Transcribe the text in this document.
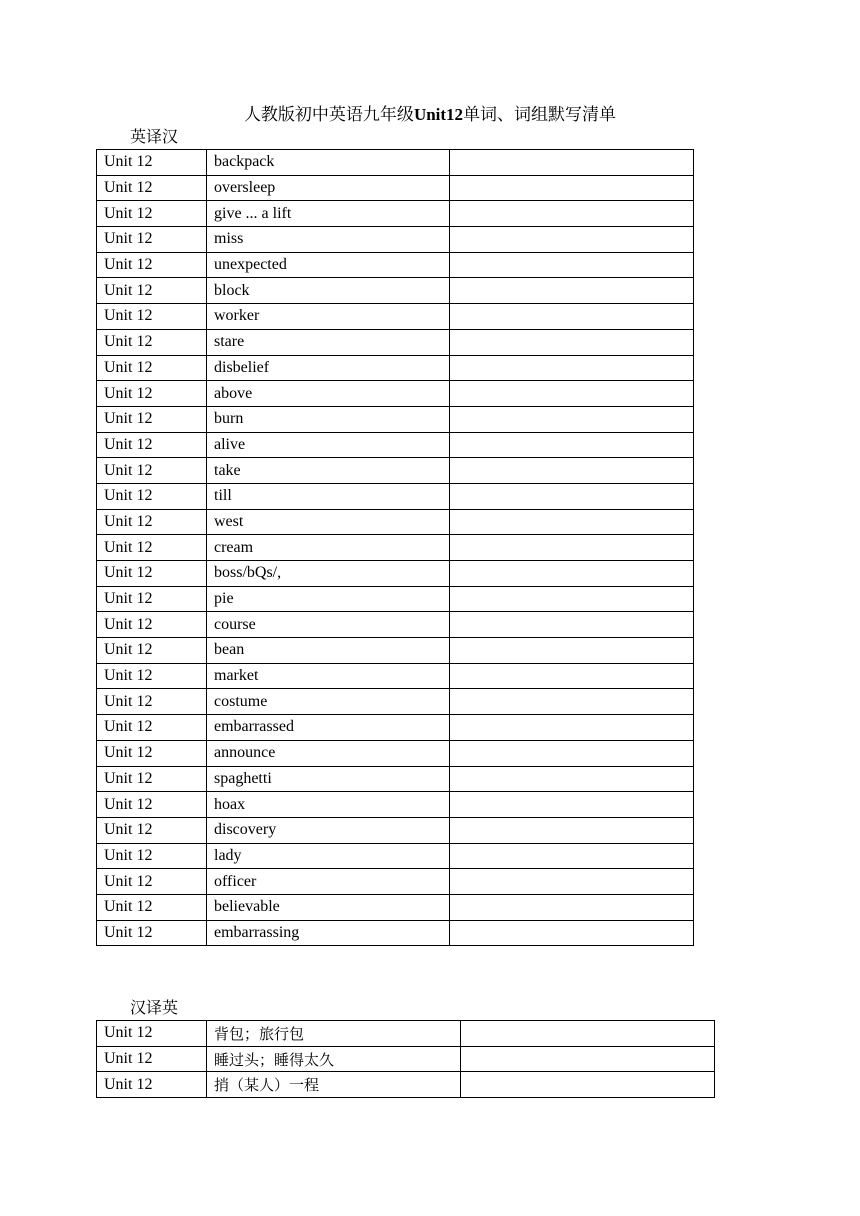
人教版初中英语九年级Unit12单词、词组默写清单
英译汉
Unit 12	backpack	
Unit 12	oversleep	
Unit 12	give ... a lift	
Unit 12	miss	
Unit 12	unexpected	
Unit 12	block	
Unit 12	worker	
Unit 12	stare	
Unit 12	disbelief	
Unit 12	above	
Unit 12	burn	
Unit 12	alive	
Unit 12	take	
Unit 12	till	
Unit 12	west	
Unit 12	cream	
Unit 12	boss/bQs/,	
Unit 12	pie	
Unit 12	course	
Unit 12	bean	
Unit 12	market	
Unit 12	costume	
Unit 12	embarrassed	
Unit 12	announce	
Unit 12	spaghetti	
Unit 12	hoax	
Unit 12	discovery	
Unit 12	lady	
Unit 12	officer	
Unit 12	believable	
Unit 12	embarrassing	
汉译英
Unit 12	背包；旅行包	
Unit 12	睡过头；睡得太久	
Unit 12	捎（某人）一程	
